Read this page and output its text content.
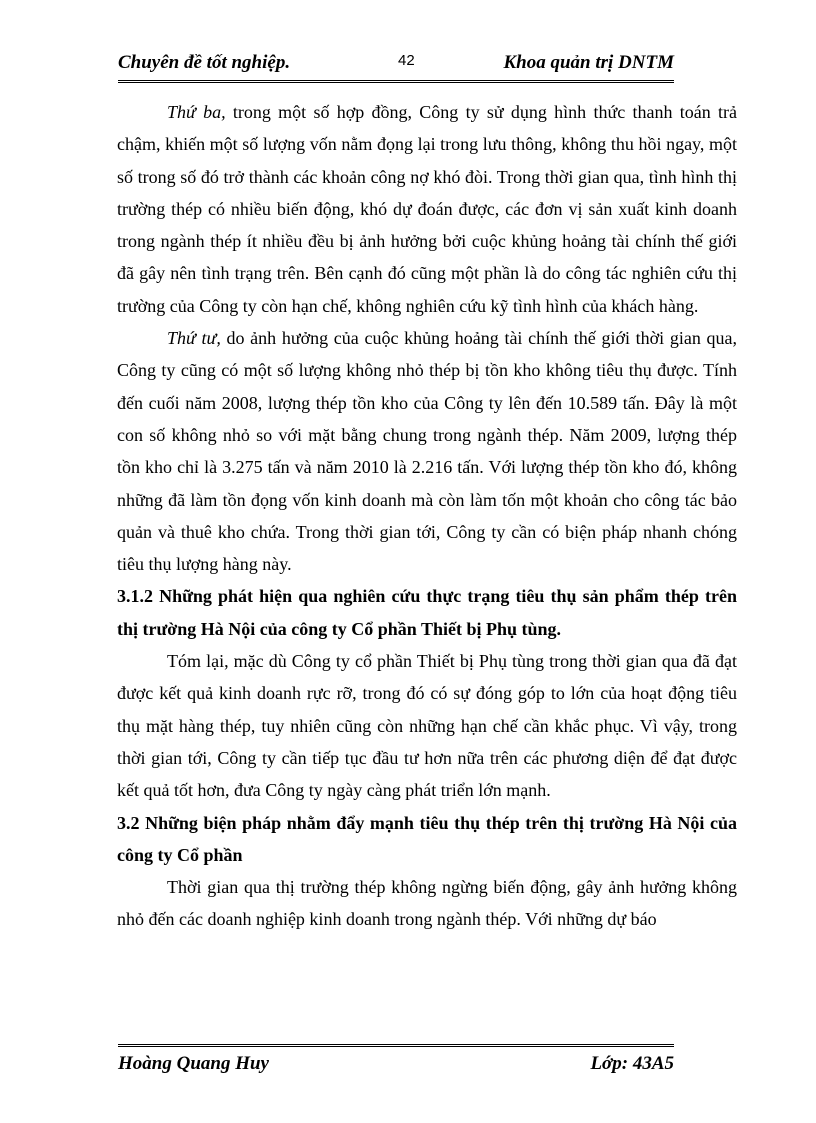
Chuyên đề tốt nghiệp.	42	Khoa quản trị DNTM

Thứ ba, trong một số hợp đồng, Công ty sử dụng hình thức thanh toán trả chậm, khiến một số lượng vốn nằm đọng lại trong lưu thông, không thu hồi ngay, một số trong số đó trở thành các khoản công nợ khó đòi. Trong thời gian qua, tình hình thị trường thép có nhiều biến động, khó dự đoán được, các đơn vị sản xuất kinh doanh trong ngành thép ít nhiều đều bị ảnh hưởng bởi cuộc khủng hoảng tài chính thế giới đã gây nên tình trạng trên. Bên cạnh đó cũng một phần là do công tác nghiên cứu thị trường của Công ty còn hạn chế, không nghiên cứu kỹ tình hình của khách hàng.

Thứ tư, do ảnh hưởng của cuộc khủng hoảng tài chính thế giới thời gian qua, Công ty cũng có một số lượng không nhỏ thép bị tồn kho không tiêu thụ được. Tính đến cuối năm 2008, lượng thép tồn kho của Công ty lên đến 10.589 tấn. Đây là một con số không nhỏ so với mặt bằng chung trong ngành thép. Năm 2009, lượng thép tồn kho chỉ là 3.275 tấn và năm 2010 là 2.216 tấn. Với lượng thép tồn kho đó, không những đã làm tồn đọng vốn kinh doanh mà còn làm tốn một khoản cho công tác bảo quản và thuê kho chứa. Trong thời gian tới, Công ty cần có biện pháp nhanh chóng tiêu thụ lượng hàng này.

3.1.2 Những phát hiện qua nghiên cứu thực trạng tiêu thụ sản phẩm thép trên thị trường Hà Nội của công ty Cổ phần Thiết bị Phụ tùng.

Tóm lại, mặc dù Công ty cổ phần Thiết bị Phụ tùng trong thời gian qua đã đạt được kết quả kinh doanh rực rỡ, trong đó có sự đóng góp to lớn của hoạt động tiêu thụ mặt hàng thép, tuy nhiên cũng còn những hạn chế cần khắc phục. Vì vậy, trong thời gian tới, Công ty cần tiếp tục đầu tư hơn nữa trên các phương diện để đạt được kết quả tốt hơn, đưa Công ty ngày càng phát triển lớn mạnh.

3.2 Những biện pháp nhằm đẩy mạnh tiêu thụ thép trên thị trường Hà Nội của công ty Cổ phần

Thời gian qua thị trường thép không ngừng biến động, gây ảnh hưởng không nhỏ đến các doanh nghiệp kinh doanh trong ngành thép. Với những dự báo

Hoàng Quang Huy	Lớp: 43A5
